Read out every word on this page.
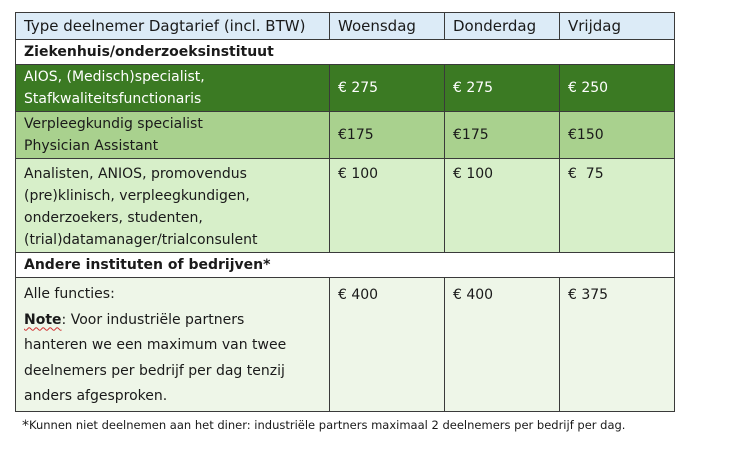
Type deelnemer Dagtarief (incl. BTW)	Woensdag	Donderdag	Vrijdag
Ziekenhuis/onderzoeksinstituut			

AIOS, (Medisch)specialist,
Stafkwaliteitsfunctionaris	€ 275	€ 275	€ 250

Verpleegkundig specialist
Physician Assistant	€175	€175	€150

Analisten, ANIOS, promovendus
(pre)klinisch, verpleegkundigen,
onderzoekers, studenten,
(trial)datamanager/trialconsulent	€ 100	€ 100	€  75
Andere instituten of bedrijven*			

Alle functies:
Note: Voor industriële partners
hanteren we een maximum van twee
deelnemers per bedrijf per dag tenzij
anders afgesproken.	€ 400	€ 400	€ 375
*Kunnen niet deelnemen aan het diner: industriële partners maximaal 2 deelnemers per bedrijf per dag.
